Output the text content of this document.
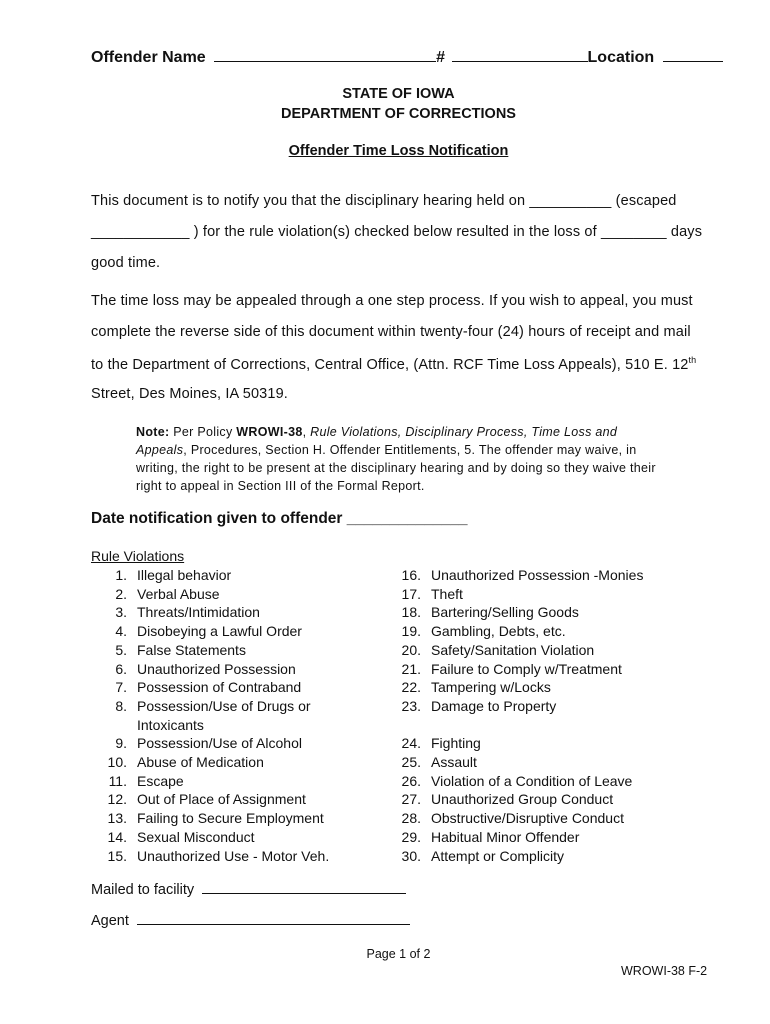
Offender Name	#	Location
STATE OF IOWA
DEPARTMENT OF CORRECTIONS
Offender Time Loss Notification
This document is to notify you that the disciplinary hearing held on __________ (escaped
____________ ) for the rule violation(s) checked below resulted in the loss of ________ days
good time.
The time loss may be appealed through a one step process. If you wish to appeal, you must
complete the reverse side of this document within twenty-four (24) hours of receipt and mail
to the Department of Corrections, Central Office, (Attn. RCF Time Loss Appeals), 510 E. 12th
Street, Des Moines, IA 50319.
Note: Per Policy WROWI-38, Rule Violations, Disciplinary Process, Time Loss and Appeals, Procedures, Section H. Offender Entitlements, 5. The offender may waive, in writing, the right to be present at the disciplinary hearing and by doing so they waive their right to appeal in Section III of the Formal Report.
Date notification given to offender ______________
Rule Violations
1. Illegal behavior
2. Verbal Abuse
3. Threats/Intimidation
4. Disobeying a Lawful Order
5. False Statements
6. Unauthorized Possession
7. Possession of Contraband
8. Possession/Use of Drugs or
Intoxicants
9. Possession/Use of Alcohol
10. Abuse of Medication
11. Escape
12. Out of Place of Assignment
13. Failing to Secure Employment
14. Sexual Misconduct
15. Unauthorized Use - Motor Veh.
16. Unauthorized Possession -Monies
17. Theft
18. Bartering/Selling Goods
19. Gambling, Debts, etc.
20. Safety/Sanitation Violation
21. Failure to Comply w/Treatment
22. Tampering w/Locks
23. Damage to Property
24. Fighting
25. Assault
26. Violation of a Condition of Leave
27. Unauthorized Group Conduct
28. Obstructive/Disruptive Conduct
29. Habitual Minor Offender
30. Attempt or Complicity
Mailed to facility
Agent
Page 1 of 2
WROWI-38 F-2
